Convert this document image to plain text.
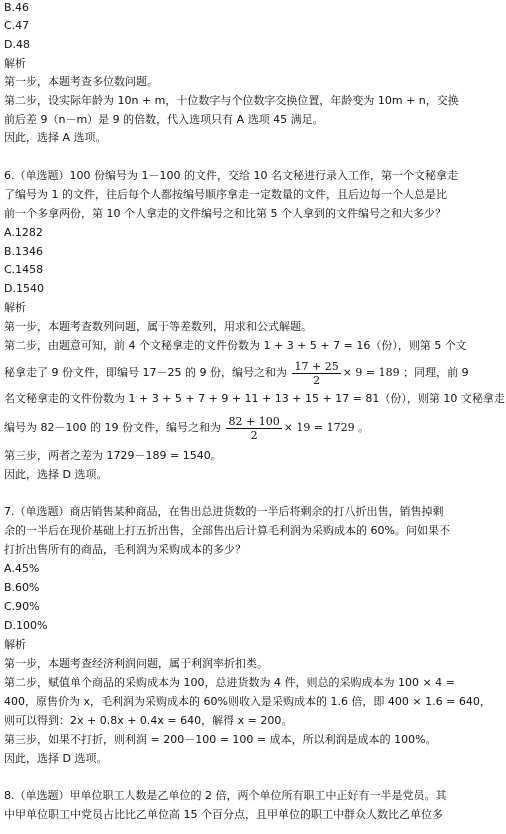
B.46
C.47
D.48
解析
第一步，本题考查多位数问题。
第二步，设实际年龄为 10n + m，十位数字与个位数字交换位置，年龄变为 10m + n，交换
前后差 9（n－m）是 9 的倍数，代入选项只有 A 选项 45 满足。
因此，选择 A 选项。
6.（单选题）100 份编号为 1－100 的文件，交给 10 名文秘进行录入工作，第一个文秘拿走
了编号为 1 的文件，往后每个人都按编号顺序拿走一定数量的文件，且后边每一个人总是比
前一个多拿两份，第 10 个人拿走的文件编号之和比第 5 个人拿到的文件编号之和大多少？
A.1282
B.1346
C.1458
D.1540
解析
第一步，本题考查数列问题，属于等差数列，用求和公式解题。
第二步，由题意可知，前 4 个文秘拿走的文件份数为 1 + 3 + 5 + 7 = 16（份），则第 5 个文
秘拿走了 9 份文件，即编号 17－25 的 9 份，编号之和为 $\frac{17 + 25}{2} \times 9 = 189$ ；同理，前 9
名文秘拿走的文件份数为 1 + 3 + 5 + 7 + 9 + 11 + 13 + 15 + 17 = 81（份），则第 10 文秘拿走
编号为 82－100 的 19 份文件，编号之和为 $\frac{82 + 100}{2} \times 19 = 1729$ 。
第三步，两者之差为 1729－189 = 1540。
因此，选择 D 选项。
7.（单选题）商店销售某种商品，在售出总进货数的一半后将剩余的打八折出售，销售掉剩
余的一半后在现价基础上打五折出售，全部售出后计算毛利润为采购成本的 60%。问如果不
打折出售所有的商品，毛利润为采购成本的多少？
A.45%
B.60%
C.90%
D.100%
解析
第一步，本题考查经济利润问题，属于利润率折扣类。
第二步，赋值单个商品的采购成本为 100，总进货数为 4 件，则总的采购成本为 100 × 4 =
400，原售价为 x，毛利润为采购成本的 60%则收入是采购成本的 1.6 倍，即 400 × 1.6 = 640，
则可以得到：2x + 0.8x + 0.4x = 640，解得 x = 200。
第三步，如果不打折，则利润 = 200－100 = 100 = 成本，所以利润是成本的 100%。
因此，选择 D 选项。
8.（单选题）甲单位职工人数是乙单位的 2 倍，两个单位所有职工中正好有一半是党员。其
中甲单位职工中党员占比比乙单位高 15 个百分点，且甲单位的职工中群众人数比乙单位多
